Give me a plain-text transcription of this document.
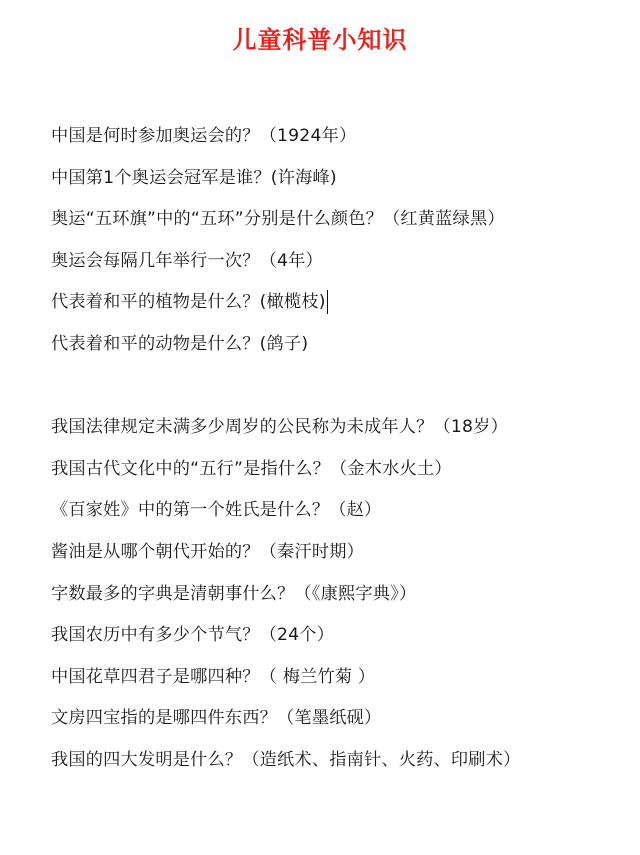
儿童科普小知识
中国是何时参加奥运会的？（1924年）
中国第1个奥运会冠军是谁？(许海峰)
奥运“五环旗”中的“五环”分别是什么颜色？（红黄蓝绿黑）
奥运会每隔几年举行一次？（4年）
代表着和平的植物是什么？(橄榄枝)
代表着和平的动物是什么？(鸽子)
我国法律规定未满多少周岁的公民称为未成年人？（18岁）
我国古代文化中的“五行”是指什么？（金木水火土）
《百家姓》中的第一个姓氏是什么？（赵）
酱油是从哪个朝代开始的？（秦汗时期）
字数最多的字典是清朝事什么？（《康熙字典》）
我国农历中有多少个节气？（24个）
中国花草四君子是哪四种？（ 梅兰竹菊 ）
文房四宝指的是哪四件东西？（笔墨纸砚）
我国的四大发明是什么？（造纸术、指南针、火药、印刷术）
